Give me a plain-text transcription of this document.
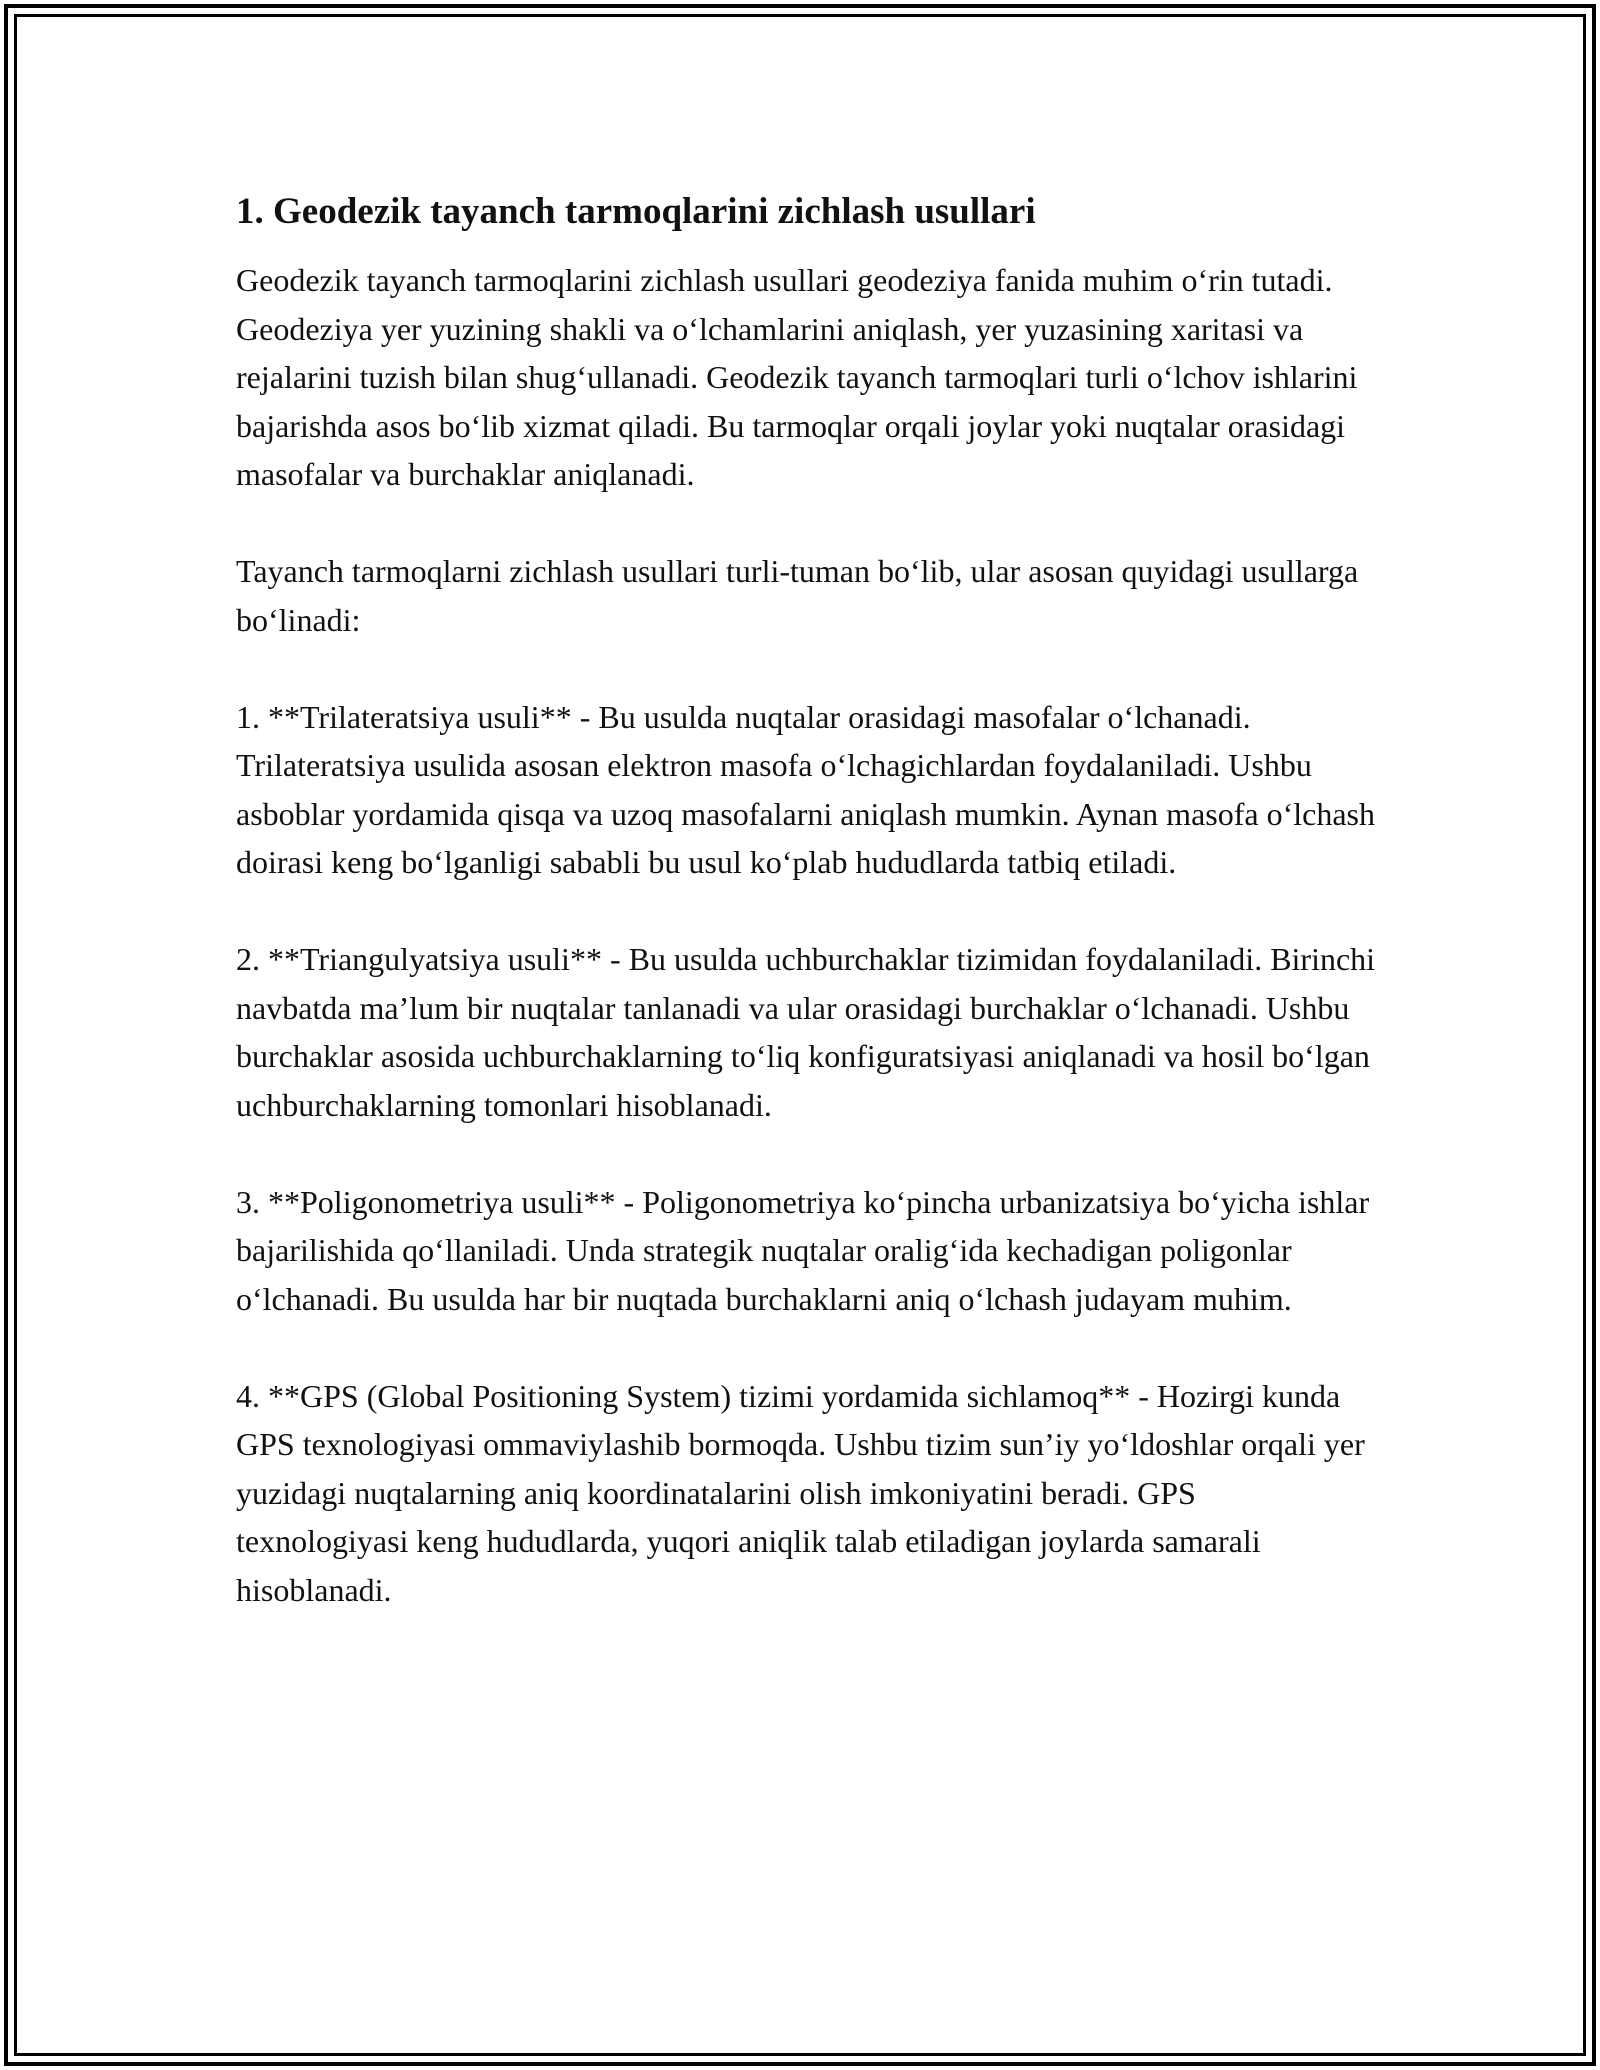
1. Geodezik tayanch tarmoqlarini zichlash usullari

Geodezik tayanch tarmoqlarini zichlash usullari geodeziya fanida muhim o‘rin tutadi. Geodeziya yer yuzining shakli va o‘lchamlarini aniqlash, yer yuzasining xaritasi va rejalarini tuzish bilan shug‘ullanadi. Geodezik tayanch tarmoqlari turli o‘lchov ishlarini bajarishda asos bo‘lib xizmat qiladi. Bu tarmoqlar orqali joylar yoki nuqtalar orasidagi masofalar va burchaklar aniqlanadi.

Tayanch tarmoqlarni zichlash usullari turli-tuman bo‘lib, ular asosan quyidagi usullarga bo‘linadi:

1. **Trilateratsiya usuli** - Bu usulda nuqtalar orasidagi masofalar o‘lchanadi. Trilateratsiya usulida asosan elektron masofa o‘lchagichlardan foydalaniladi. Ushbu asboblar yordamida qisqa va uzoq masofalarni aniqlash mumkin. Aynan masofa o‘lchash doirasi keng bo‘lganligi sababli bu usul ko‘plab hududlarda tatbiq etiladi.

2. **Triangulyatsiya usuli** - Bu usulda uchburchaklar tizimidan foydalaniladi. Birinchi navbatda ma’lum bir nuqtalar tanlanadi va ular orasidagi burchaklar o‘lchanadi. Ushbu burchaklar asosida uchburchaklarning to‘liq konfiguratsiyasi aniqlanadi va hosil bo‘lgan uchburchaklarning tomonlari hisoblanadi.

3. **Poligonometriya usuli** - Poligonometriya ko‘pincha urbanizatsiya bo‘yicha ishlar bajarilishida qo‘llaniladi. Unda strategik nuqtalar oralig‘ida kechadigan poligonlar o‘lchanadi. Bu usulda har bir nuqtada burchaklarni aniq o‘lchash judayam muhim.

4. **GPS (Global Positioning System) tizimi yordamida sichlamoq** - Hozirgi kunda GPS texnologiyasi ommaviylashib bormoqda. Ushbu tizim sun’iy yo‘ldoshlar orqali yer yuzidagi nuqtalarning aniq koordinatalarini olish imkoniyatini beradi. GPS texnologiyasi keng hududlarda, yuqori aniqlik talab etiladigan joylarda samarali hisoblanadi.
